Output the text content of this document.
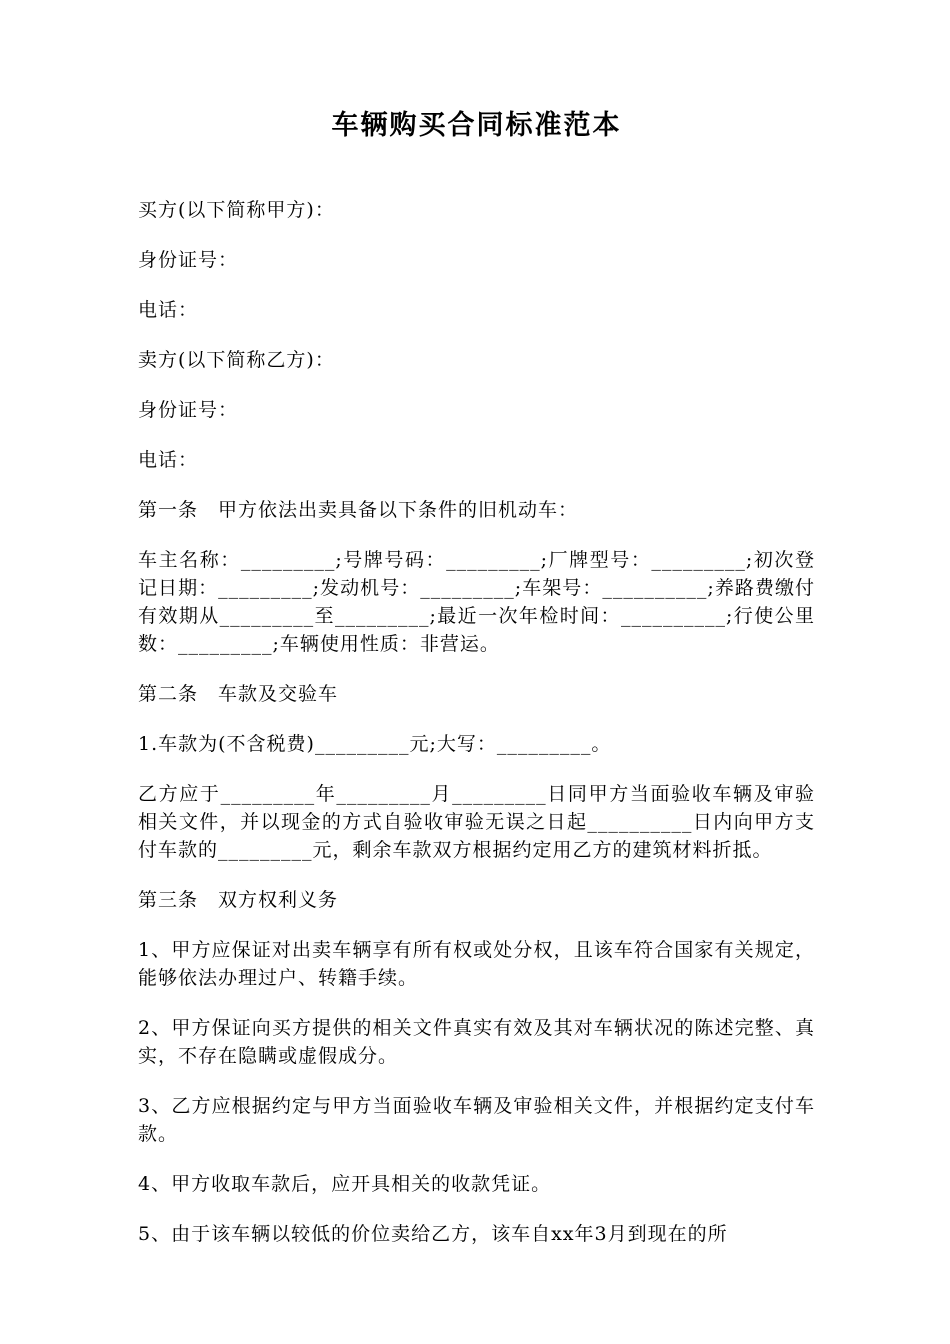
车辆购买合同标准范本

买方(以下简称甲方)：

身份证号：

电话：

卖方(以下简称乙方)：

身份证号：

电话：

第一条　甲方依法出卖具备以下条件的旧机动车：

车主名称：_________;号牌号码：_________;厂牌型号：_________;初次登记日期：_________;发动机号：_________;车架号：__________;养路费缴付有效期从_________至_________;最近一次年检时间：__________;行使公里数：_________;车辆使用性质：非营运。

第二条　车款及交验车

1.车款为(不含税费)_________元;大写：_________。

乙方应于_________年_________月_________日同甲方当面验收车辆及审验相关文件，并以现金的方式自验收审验无误之日起__________日内向甲方支付车款的_________元，剩余车款双方根据约定用乙方的建筑材料折抵。

第三条　双方权利义务

1、甲方应保证对出卖车辆享有所有权或处分权，且该车符合国家有关规定，能够依法办理过户、转籍手续。

2、甲方保证向买方提供的相关文件真实有效及其对车辆状况的陈述完整、真实，不存在隐瞒或虚假成分。

3、乙方应根据约定与甲方当面验收车辆及审验相关文件，并根据约定支付车款。

4、甲方收取车款后，应开具相关的收款凭证。

5、由于该车辆以较低的价位卖给乙方，该车自xx年3月到现在的所
